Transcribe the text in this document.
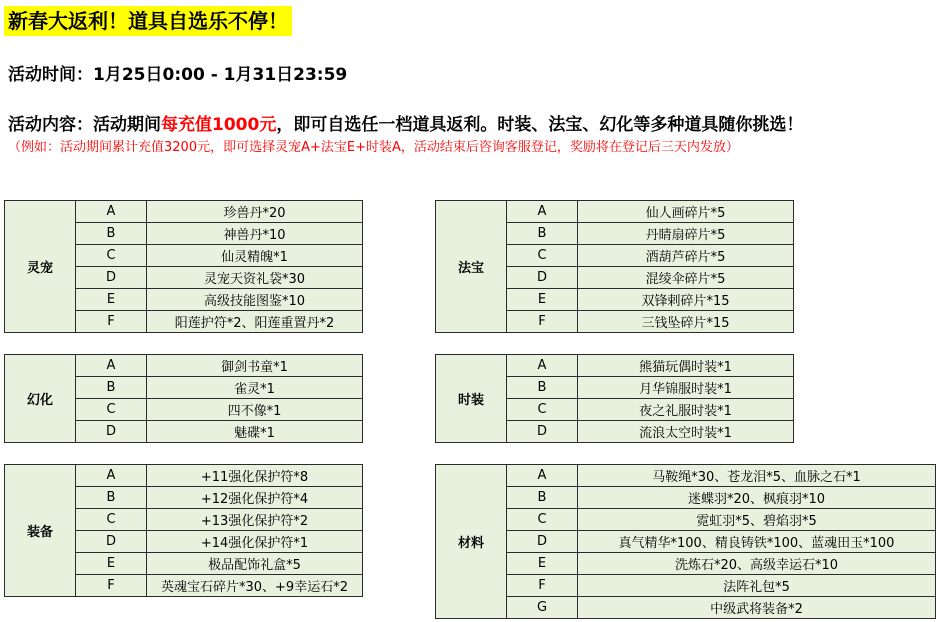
新春大返利！道具自选乐不停！
活动时间：1月25日0:00 - 1月31日23:59
活动内容：活动期间每充值1000元，即可自选任一档道具返利。时装、法宝、幻化等多种道具随你挑选！
（例如：活动期间累计充值3200元，即可选择灵宠A+法宝E+时装A，活动结束后咨询客服登记，奖励将在登记后三天内发放）
灵宠	A	珍兽丹*20
	B	神兽丹*10
	C	仙灵精魄*1
	D	灵宠天资礼袋*30
	E	高级技能图鉴*10
	F	阳莲护符*2、阳莲重置丹*2
法宝	A	仙人画碎片*5
	B	丹睛扇碎片*5
	C	酒葫芦碎片*5
	D	混绫伞碎片*5
	E	双锋剌碎片*15
	F	三钱坠碎片*15
幻化	A	御剑书童*1
	B	雀灵*1
	C	四不像*1
	D	魅碟*1
时装	A	熊猫玩偶时装*1
	B	月华锦服时装*1
	C	夜之礼服时装*1
	D	流浪太空时装*1
装备	A	+11强化保护符*8
	B	+12强化保护符*4
	C	+13强化保护符*2
	D	+14强化保护符*1
	E	极品配饰礼盒*5
	F	英魂宝石碎片*30、+9幸运石*2
材料	A	马鞍绳*30、苍龙泪*5、血脉之石*1
	B	迷蝶羽*20、枫痕羽*10
	C	霓虹羽*5、碧焰羽*5
	D	真气精华*100、精良铸铁*100、蓝魂田玉*100
	E	洗炼石*20、高级幸运石*10
	F	法阵礼包*5
	G	中级武将装备*2
